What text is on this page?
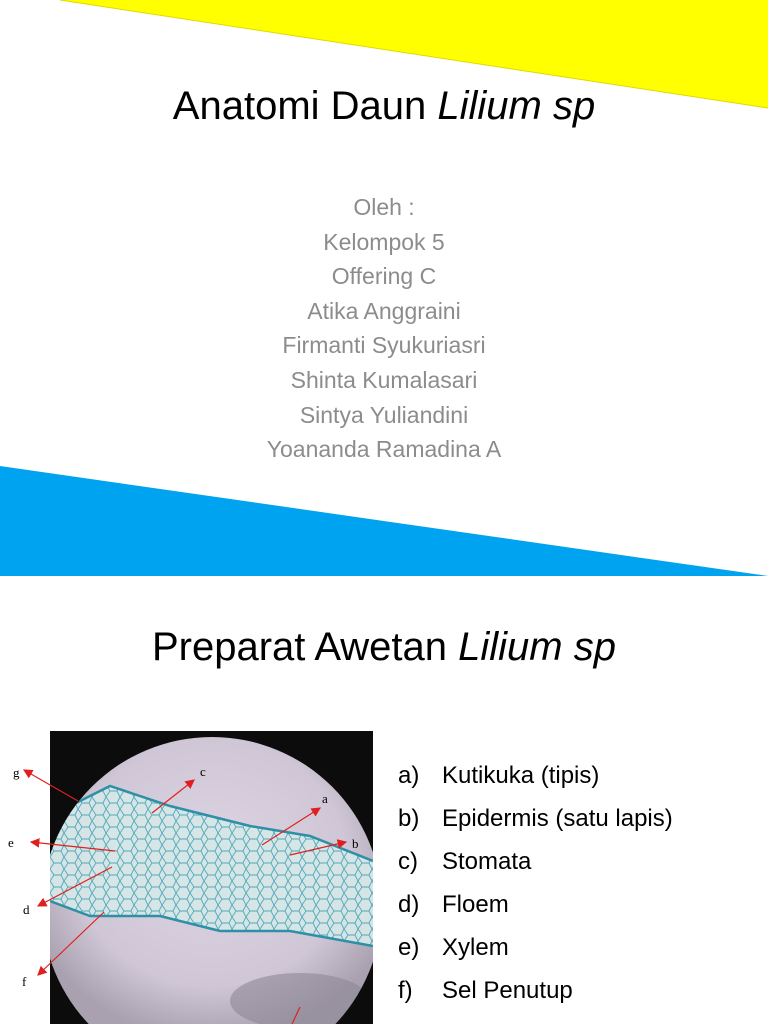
Anatomi Daun Lilium sp
Oleh :
Kelompok 5
Offering C
Atika Anggraini
Firmanti Syukuriasri
Shinta Kumalasari
Sintya Yuliandini
Yoananda Ramadina A
Preparat Awetan Lilium sp
g	c
a
e	b
d
f
a) Kutikuka (tipis)
b) Epidermis (satu lapis)
c) Stomata
d) Floem
e) Xylem
f) Sel Penutup
